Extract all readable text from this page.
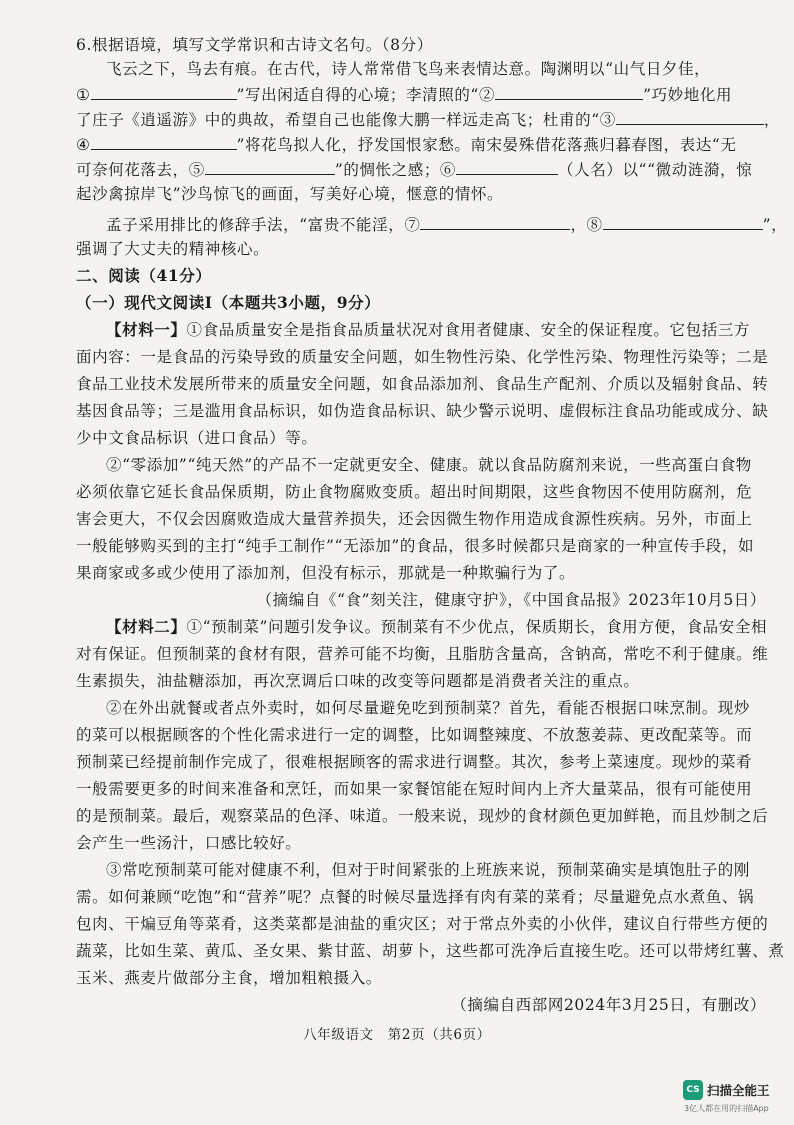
6.根据语境，填写文学常识和古诗文名句。（8分）
飞云之下，鸟去有痕。在古代，诗人常常借飞鸟来表情达意。陶渊明以“山气日夕佳，
①	”写出闲适自得的心境；李清照的“②	”巧妙地化用
了庄子《逍遥游》中的典故，希望自己也能像大鹏一样远走高飞；杜甫的“③	，
④	”将花鸟拟人化，抒发国恨家愁。南宋晏殊借花落燕归暮春图，表达“无
可奈何花落去，⑤	”的惆怅之感；⑥	（人名）以““微动涟漪，惊
起沙禽掠岸飞”沙鸟惊飞的画面，写美好心境，惬意的情怀。
孟子采用排比的修辞手法，“富贵不能淫，⑦	，⑧	”，
强调了大丈夫的精神核心。
二、阅读（41分）
（一）现代文阅读Ⅰ（本题共3小题，9分）
【材料一】①食品质量安全是指食品质量状况对食用者健康、安全的保证程度。它包括三方
面内容：一是食品的污染导致的质量安全问题，如生物性污染、化学性污染、物理性污染等；二是
食品工业技术发展所带来的质量安全问题，如食品添加剂、食品生产配剂、介质以及辐射食品、转
基因食品等；三是滥用食品标识，如伪造食品标识、缺少警示说明、虚假标注食品功能或成分、缺
少中文食品标识（进口食品）等。
②“零添加”“纯天然”的产品不一定就更安全、健康。就以食品防腐剂来说，一些高蛋白食物
必须依靠它延长食品保质期，防止食物腐败变质。超出时间期限，这些食物因不使用防腐剂，危
害会更大，不仅会因腐败造成大量营养损失，还会因微生物作用造成食源性疾病。另外，市面上
一般能够购买到的主打“纯手工制作”“无添加”的食品，很多时候都只是商家的一种宣传手段，如
果商家或多或少使用了添加剂，但没有标示，那就是一种欺骗行为了。
（摘编自《“食”刻关注，健康守护》，《中国食品报》2023年10月5日）
【材料二】①“预制菜”问题引发争议。预制菜有不少优点，保质期长，食用方便，食品安全相
对有保证。但预制菜的食材有限，营养可能不均衡，且脂肪含量高，含钠高，常吃不利于健康。维
生素损失，油盐糖添加，再次烹调后口味的改变等问题都是消费者关注的重点。
②在外出就餐或者点外卖时，如何尽量避免吃到预制菜？首先，看能否根据口味烹制。现炒
的菜可以根据顾客的个性化需求进行一定的调整，比如调整辣度、不放葱姜蒜、更改配菜等。而
预制菜已经提前制作完成了，很难根据顾客的需求进行调整。其次，参考上菜速度。现炒的菜肴
一般需要更多的时间来准备和烹饪，而如果一家餐馆能在短时间内上齐大量菜品，很有可能使用
的是预制菜。最后，观察菜品的色泽、味道。一般来说，现炒的食材颜色更加鲜艳，而且炒制之后
会产生一些汤汁，口感比较好。
③常吃预制菜可能对健康不利，但对于时间紧张的上班族来说，预制菜确实是填饱肚子的刚
需。如何兼顾“吃饱”和“营养”呢？点餐的时候尽量选择有肉有菜的菜肴；尽量避免点水煮鱼、锅
包肉、干煸豆角等菜肴，这类菜都是油盐的重灾区；对于常点外卖的小伙伴，建议自行带些方便的
蔬菜，比如生菜、黄瓜、圣女果、紫甘蓝、胡萝卜，这些都可洗净后直接生吃。还可以带烤红薯、煮
玉米、燕麦片做部分主食，增加粗粮摄入。
（摘编自西部网2024年3月25日，有删改）
八年级语文　第2页（共6页）
CS 扫描全能王
3亿人都在用的扫描App
